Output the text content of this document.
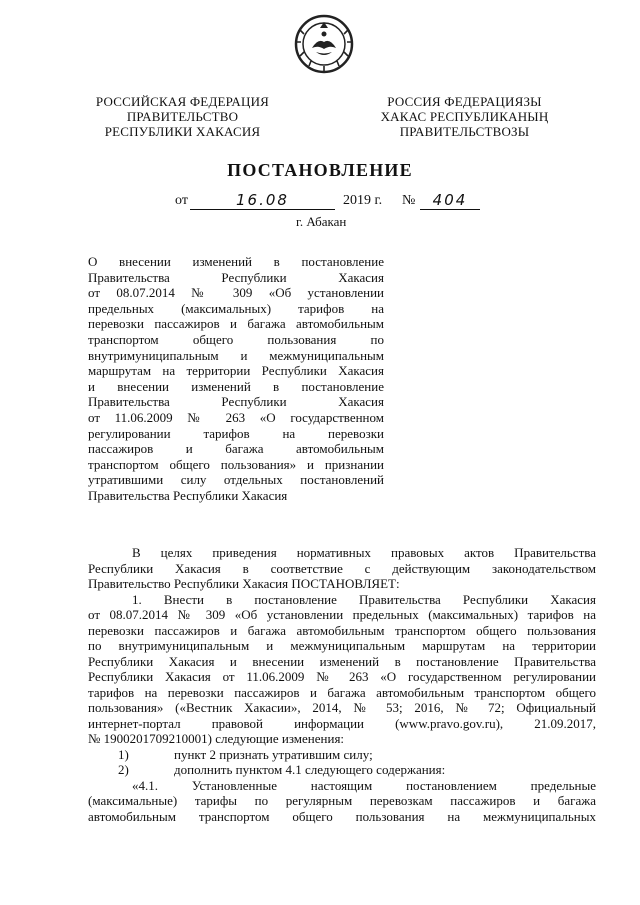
РОССИЙСКАЯ ФЕДЕРАЦИЯ
ПРАВИТЕЛЬСТВО
РЕСПУБЛИКИ ХАКАСИЯ
РОССИЯ ФЕДЕРАЦИЯЗЫ
ХАКАС РЕСПУБЛИКАНЫҢ
ПРАВИТЕЛЬСТВОЗЫ
ПОСТАНОВЛЕНИЕ
от	16.08	2019 г. №	404
г. Абакан
О внесении изменений в постановление
Правительства Республики Хакасия
от 08.07.2014 № 309 «Об установлении
предельных (максимальных) тарифов на
перевозки пассажиров и багажа автомобильным
транспортом общего пользования по
внутримуниципальным и межмуниципальным
маршрутам на территории Республики Хакасия
и внесении изменений в постановление
Правительства Республики Хакасия
от 11.06.2009 № 263 «О государственном
регулировании тарифов на перевозки
пассажиров и багажа автомобильным
транспортом общего пользования» и признании
утратившими силу отдельных постановлений
Правительства Республики Хакасия
В целях приведения нормативных правовых актов Правительства
Республики Хакасия в соответствие с действующим законодательством
Правительство Республики Хакасия ПОСТАНОВЛЯЕТ:
1. Внести в постановление Правительства Республики Хакасия
от 08.07.2014 № 309 «Об установлении предельных (максимальных) тарифов на
перевозки пассажиров и багажа автомобильным транспортом общего пользования
по внутримуниципальным и межмуниципальным маршрутам на территории
Республики Хакасия и внесении изменений в постановление Правительства
Республики Хакасия от 11.06.2009 № 263 «О государственном регулировании
тарифов на перевозки пассажиров и багажа автомобильным транспортом общего
пользования» («Вестник Хакасии», 2014, № 53; 2016, № 72; Официальный
интернет-портал правовой информации (www.pravo.gov.ru), 21.09.2017,
№ 1900201709210001) следующие изменения:
1)	пункт 2 признать утратившим силу;
2)	дополнить пунктом 4.1 следующего содержания:
«4.1. Установленные настоящим постановлением предельные
(максимальные) тарифы по регулярным перевозкам пассажиров и багажа
автомобильным транспортом общего пользования на межмуниципальных
